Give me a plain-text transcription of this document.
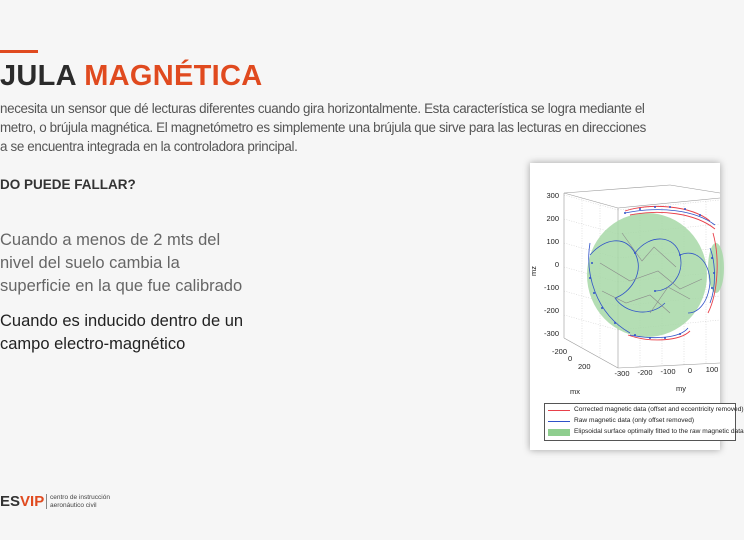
JULA MAGNÉTICA
necesita un sensor que dé lecturas diferentes cuando gira horizontalmente. Esta característica se logra mediante el
metro, o brújula magnética. El magnetómetro es simplemente una brújula que sirve para las lecturas en direcciones
a se encuentra integrada en la controladora principal.
DO PUEDE FALLAR?
Cuando a menos de 2 mts del
nivel del suelo cambia la
superficie en la que fue calibrado
Cuando es inducido dentro de un
campo electro-magnético
300
200
100
0
-100
-200
-300
mz
-200
0
200
mx
-300 -200 -100 0 100
my
Corrected magnetic data (offset and eccentricity removed)
Raw magnetic data (only offset removed)
Elipsoidal surface optimally fitted to the raw magnetic data
ESVIP centro de instrucción
aeronáutico civil
